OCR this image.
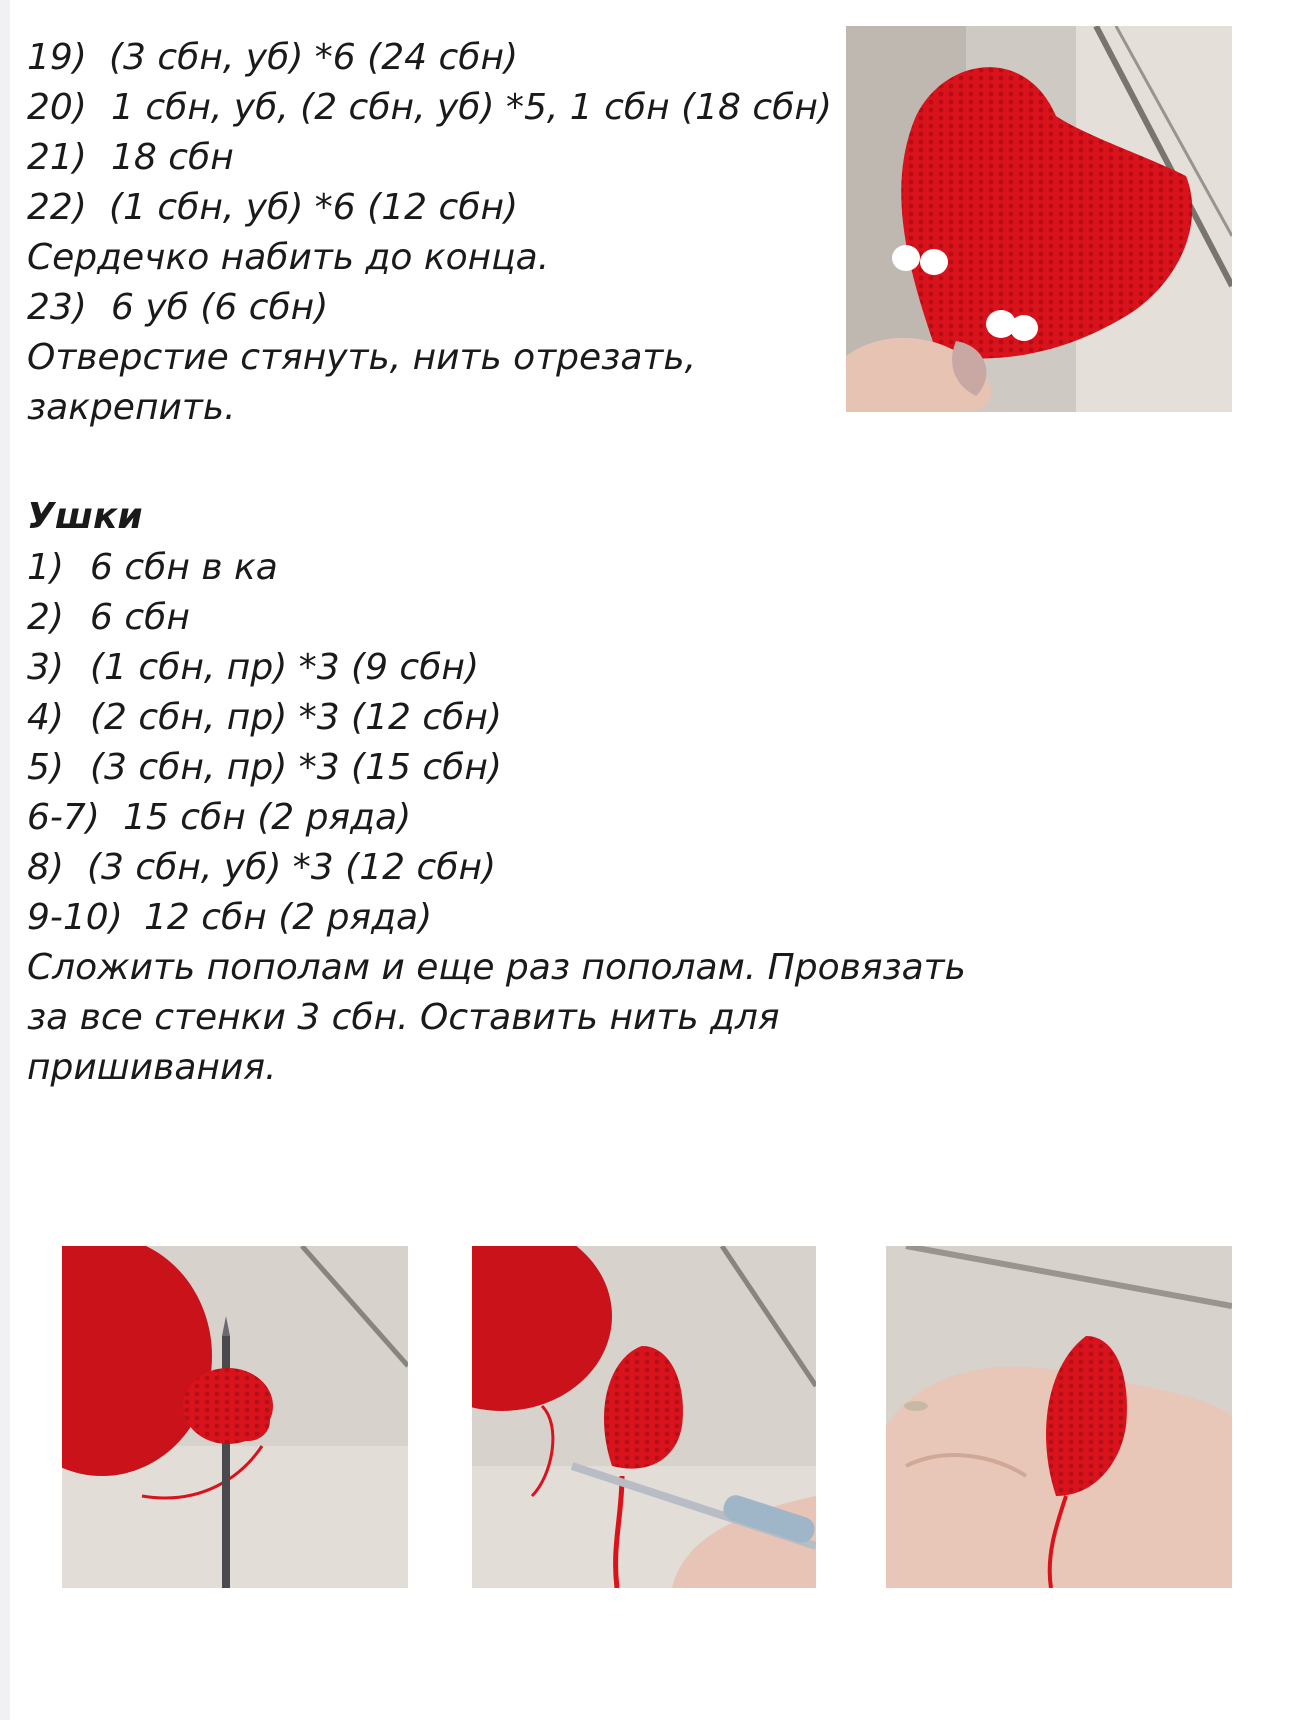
19) (3 сбн, уб) *6 (24 сбн)
20) 1 сбн, уб, (2 сбн, уб) *5, 1 сбн (18 сбн)
21) 18 сбн
22) (1 сбн, уб) *6 (12 сбн)
Сердечко набить до конца.
23) 6 уб (6 сбн)
Отверстие стянуть, нить отрезать,
закрепить.
Ушки
1) 6 сбн в ка
2) 6 сбн
3) (1 сбн, пр) *3 (9 сбн)
4) (2 сбн, пр) *3 (12 сбн)
5) (3 сбн, пр) *3 (15 сбн)
6-7) 15 сбн (2 ряда)
8) (3 сбн, уб) *3 (12 сбн)
9-10) 12 сбн (2 ряда)
Сложить пополам и еще раз пополам. Провязать
за все стенки 3 сбн. Оставить нить для
пришивания.
